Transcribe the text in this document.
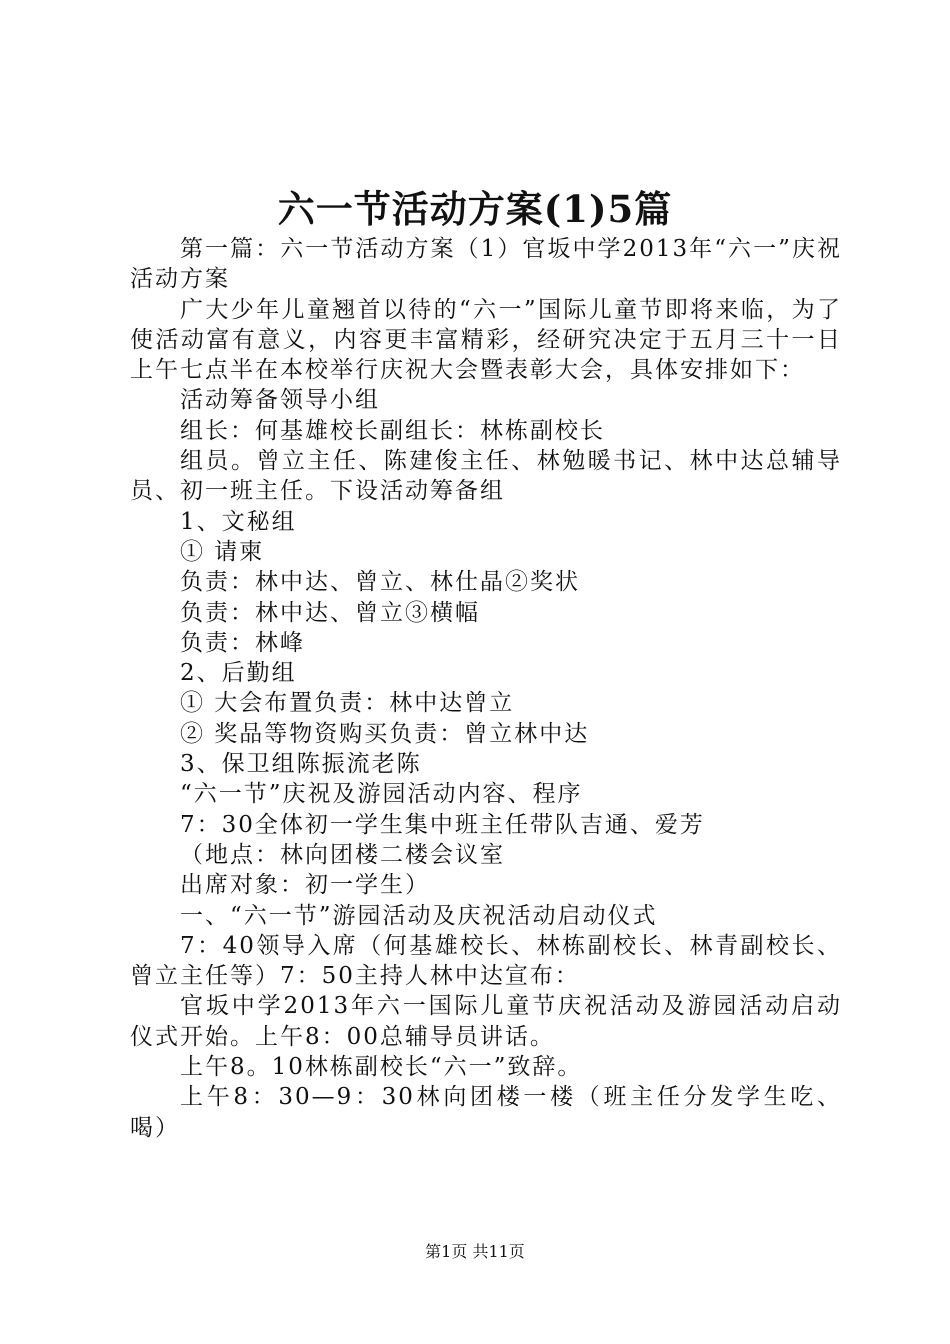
六一节活动方案(1)5篇

第一篇：六一节活动方案（1）官坂中学2013年“六一”庆祝活动方案

广大少年儿童翘首以待的“六一”国际儿童节即将来临，为了使活动富有意义，内容更丰富精彩，经研究决定于五月三十一日上午七点半在本校举行庆祝大会暨表彰大会，具体安排如下：

活动筹备领导小组

组长：何基雄校长副组长：林栋副校长

组员。曾立主任、陈建俊主任、林勉暖书记、林中达总辅导员、初一班主任。下设活动筹备组

1、文秘组

① 请柬

负责：林中达、曾立、林仕晶②奖状

负责：林中达、曾立③横幅

负责：林峰

2、后勤组

① 大会布置负责：林中达曾立

② 奖品等物资购买负责：曾立林中达

3、保卫组陈振流老陈

“六一节”庆祝及游园活动内容、程序

7：30全体初一学生集中班主任带队吉通、爱芳

（地点：林向团楼二楼会议室

出席对象：初一学生）

一、“六一节”游园活动及庆祝活动启动仪式

7：40领导入席（何基雄校长、林栋副校长、林青副校长、曾立主任等）7：50主持人林中达宣布：

官坂中学2013年六一国际儿童节庆祝活动及游园活动启动仪式开始。上午8：00总辅导员讲话。

上午8。10林栋副校长“六一”致辞。

上午8：30—9：30林向团楼一楼（班主任分发学生吃、喝）

第1页 共11页
